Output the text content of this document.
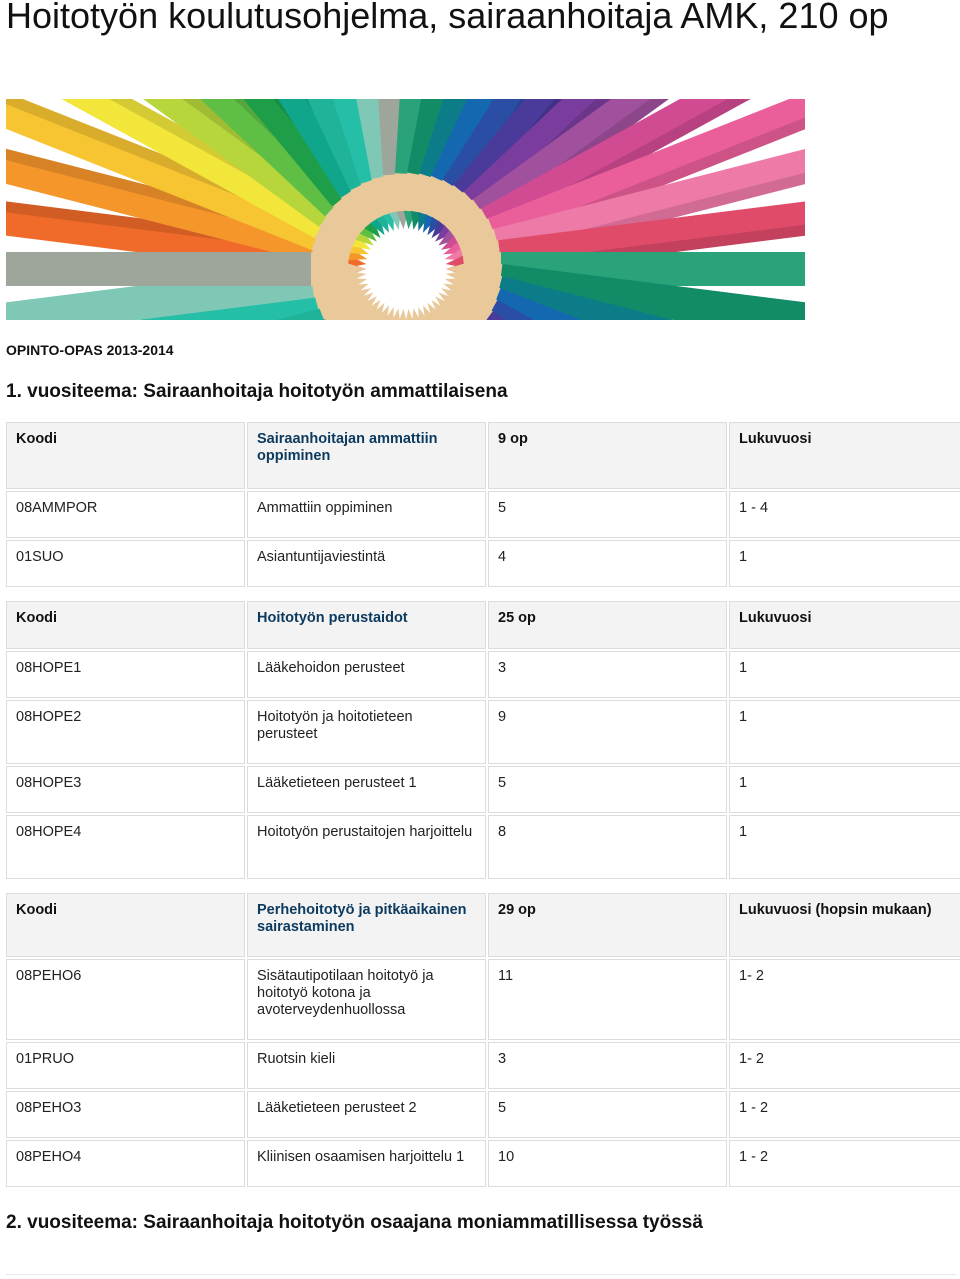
Hoitotyön koulutusohjelma, sairaanhoitaja AMK, 210 op
OPINTO-OPAS 2013-2014
1. vuositeema: Sairaanhoitaja hoitotyön ammattilaisena
Koodi	Sairaanhoitajan ammattiin oppiminen	9 op	Lukuvuosi
08AMMPOR	Ammattiin oppiminen	5	1 - 4
01SUO	Asiantuntijaviestintä	4	1

Koodi	Hoitotyön perustaidot	25 op	Lukuvuosi
08HOPE1	Lääkehoidon perusteet	3	1
08HOPE2	Hoitotyön ja hoitotieteen perusteet	9	1
08HOPE3	Lääketieteen perusteet 1	5	1
08HOPE4	Hoitotyön perustaitojen harjoittelu	8	1

Koodi	Perhehoitotyö ja pitkäaikainen sairastaminen	29 op	Lukuvuosi (hopsin mukaan)
08PEHO6	Sisätautipotilaan hoitotyö ja hoitotyö kotona ja avoterveydenhuollossa	11	1- 2
01PRUO	Ruotsin kieli	3	1- 2
08PEHO3	Lääketieteen perusteet 2	5	1 - 2
08PEHO4	Kliinisen osaamisen harjoittelu 1	10	1 - 2
2. vuositeema: Sairaanhoitaja hoitotyön osaajana moniammatillisessa työssä
